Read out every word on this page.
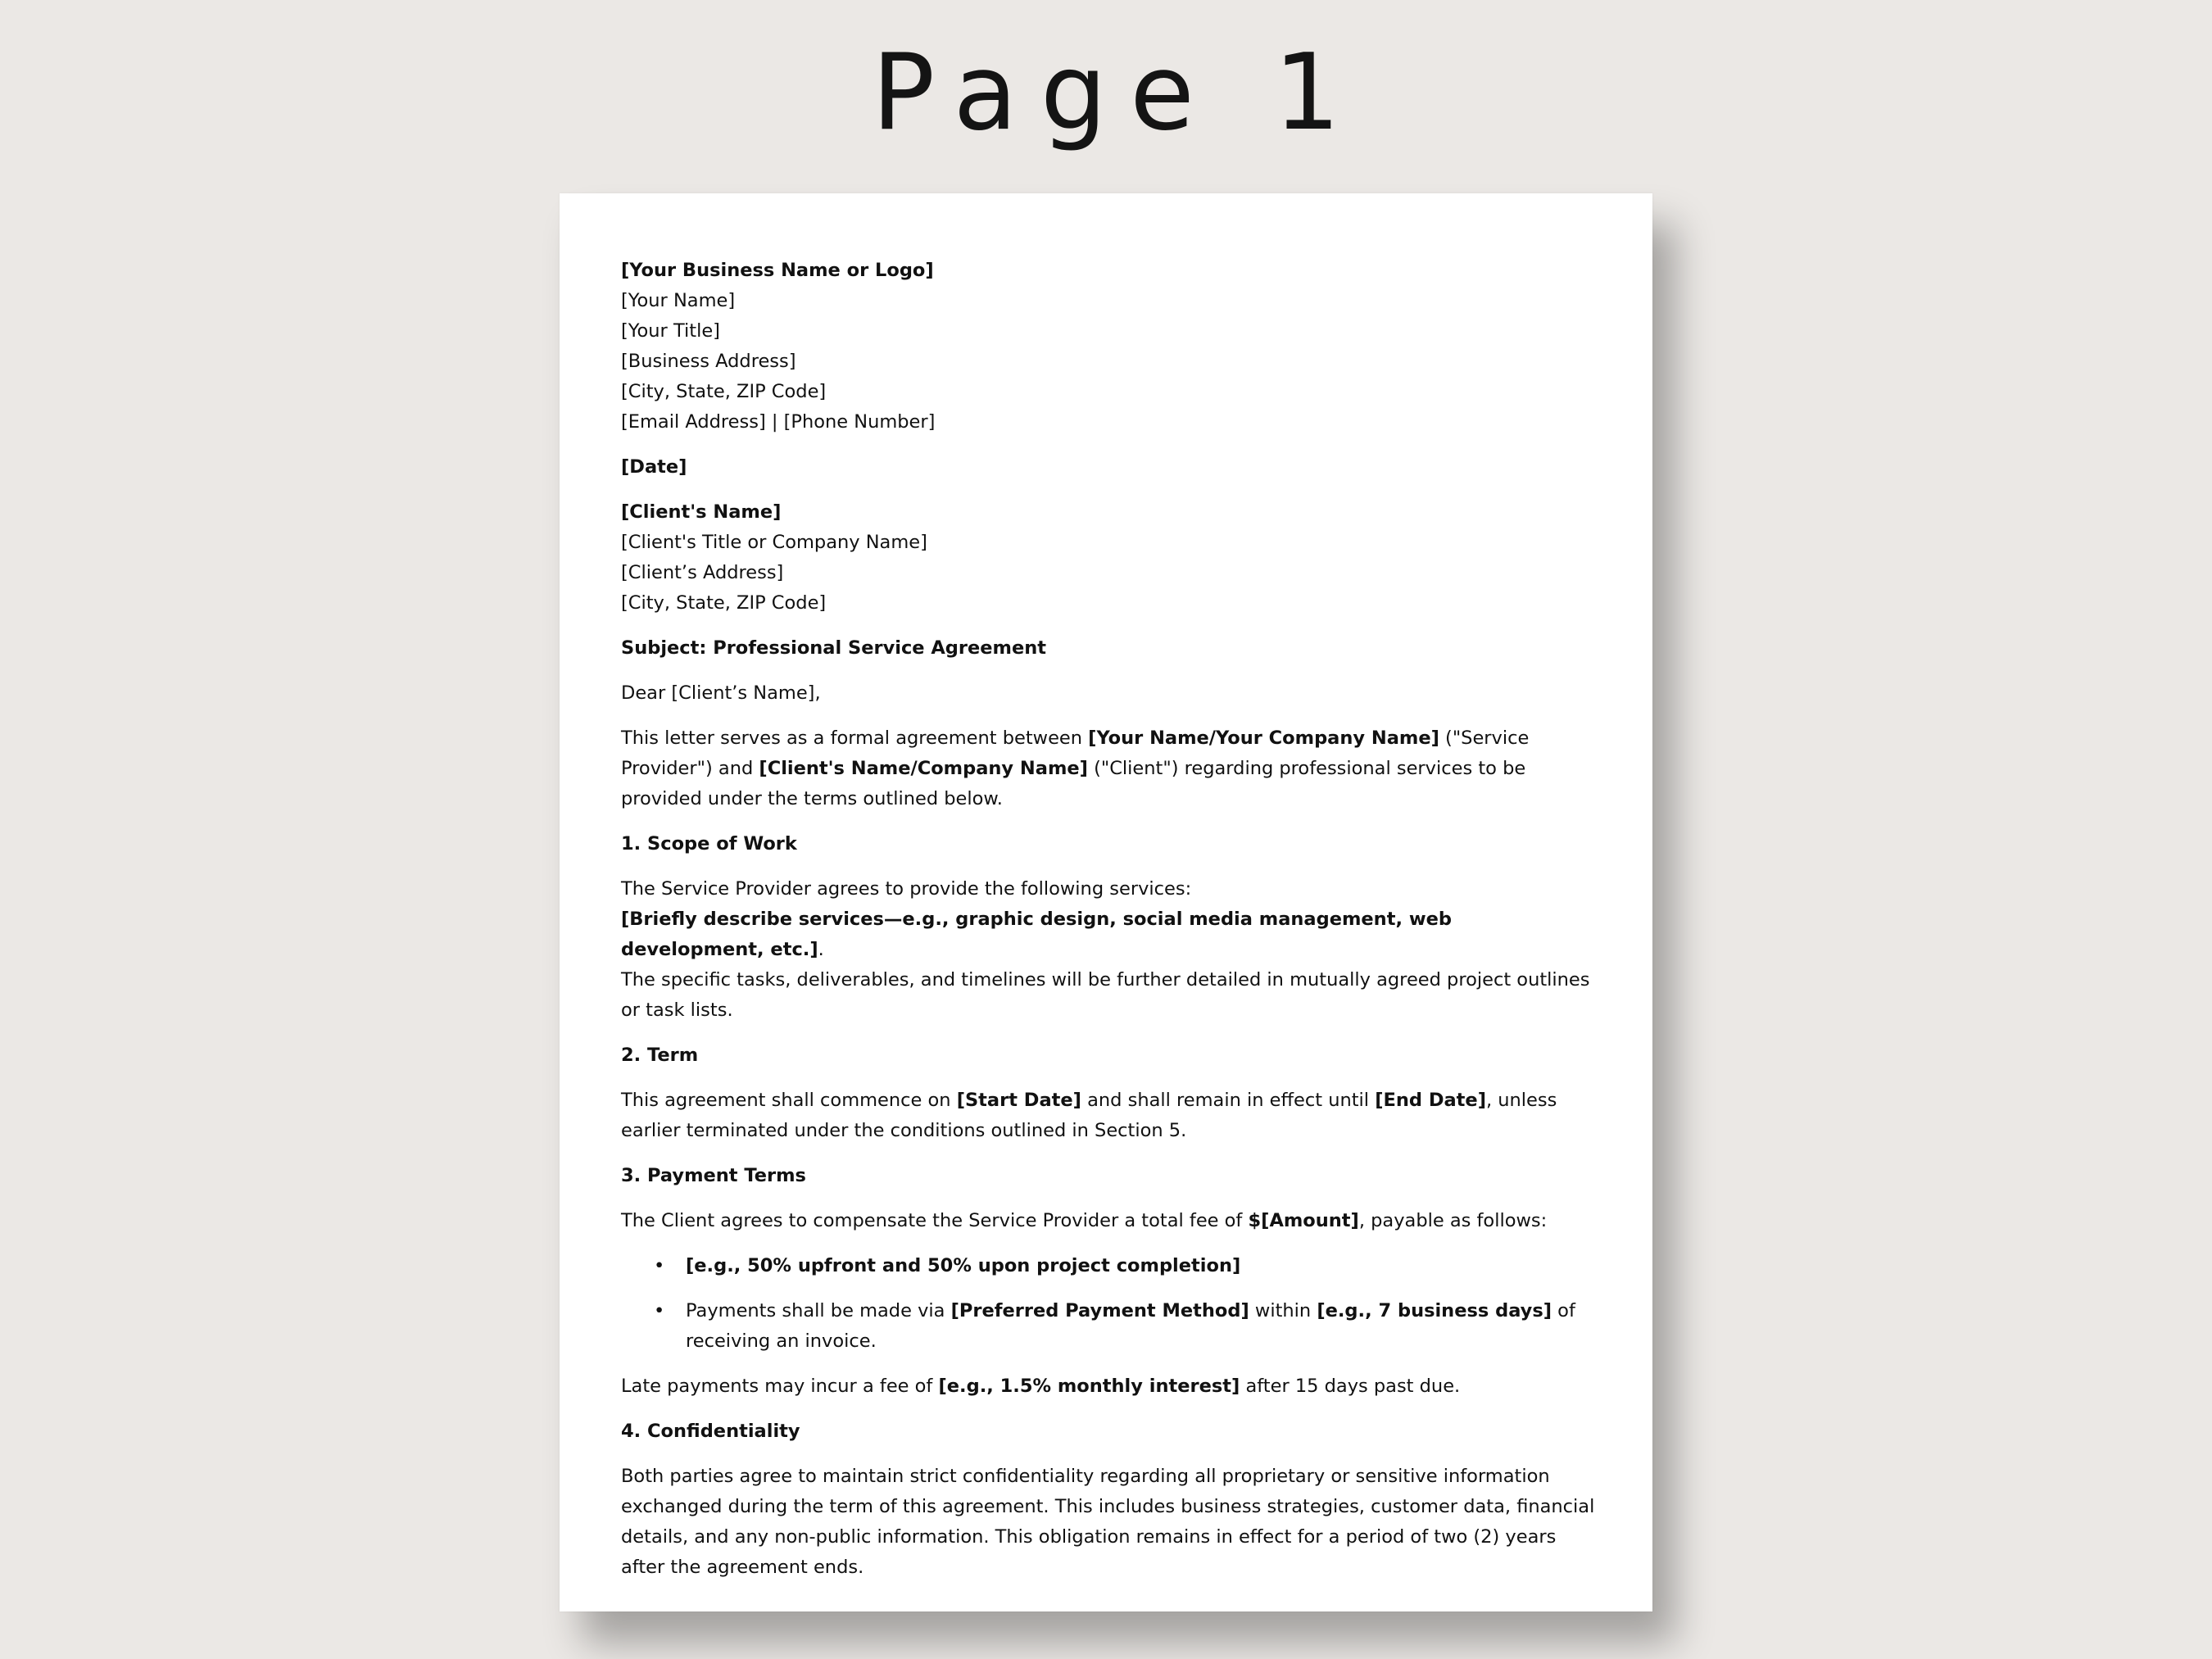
Page 1

[Your Business Name or Logo]

[Your Name]

[Your Title]

[Business Address]

[City, State, ZIP Code]

[Email Address] | [Phone Number]

[Date]

[Client's Name]

[Client's Title or Company Name]

[Client’s Address]

[City, State, ZIP Code]

Subject: Professional Service Agreement

Dear [Client’s Name],

This letter serves as a formal agreement between [Your Name/Your Company Name] ("Service Provider") and [Client's Name/Company Name] ("Client") regarding professional services to be provided under the terms outlined below.

1. Scope of Work

The Service Provider agrees to provide the following services:

[Briefly describe services—e.g., graphic design, social media management, web development, etc.].

The specific tasks, deliverables, and timelines will be further detailed in mutually agreed project outlines or task lists.

2. Term

This agreement shall commence on [Start Date] and shall remain in effect until [End Date], unless earlier terminated under the conditions outlined in Section 5.

3. Payment Terms

The Client agrees to compensate the Service Provider a total fee of $[Amount], payable as follows:

• [e.g., 50% upfront and 50% upon project completion]
• Payments shall be made via [Preferred Payment Method] within [e.g., 7 business days] of receiving an invoice.

Late payments may incur a fee of [e.g., 1.5% monthly interest] after 15 days past due.

4. Confidentiality

Both parties agree to maintain strict confidentiality regarding all proprietary or sensitive information exchanged during the term of this agreement. This includes business strategies, customer data, financial details, and any non-public information. This obligation remains in effect for a period of two (2) years after the agreement ends.
